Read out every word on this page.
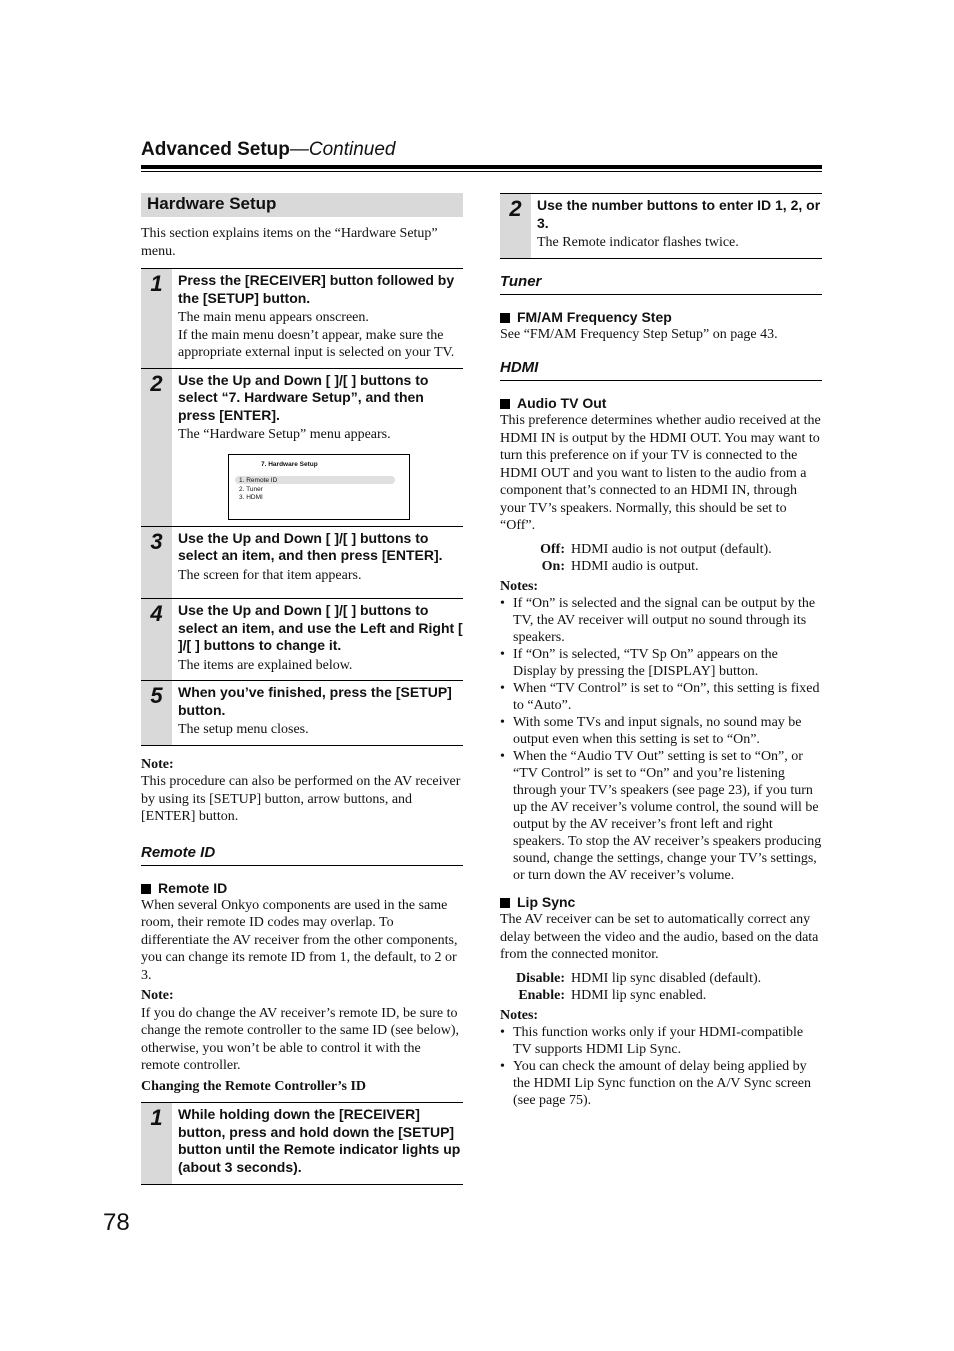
Advanced Setup—Continued
Hardware Setup

This section explains items on the “Hardware Setup” menu.

1	Press the [RECEIVER] button followed by the [SETUP] button.
The main menu appears onscreen.
If the main menu doesn’t appear, make sure the appropriate external input is selected on your TV.
2	Use the Up and Down [ ]/[ ] buttons to select “7. Hardware Setup”, and then press [ENTER].
The “Hardware Setup” menu appears.
7. Hardware Setup
1. Remote ID
2. Tuner
3. HDMI
3	Use the Up and Down [ ]/[ ] buttons to select an item, and then press [ENTER].
The screen for that item appears.
4	Use the Up and Down [ ]/[ ] buttons to select an item, and use the Left and Right [ ]/[ ] buttons to change it.
The items are explained below.
5	When you’ve finished, press the [SETUP] button.
The setup menu closes.

Note:

This procedure can also be performed on the AV receiver by using its [SETUP] button, arrow buttons, and [ENTER] button.

Remote ID
Remote ID

When several Onkyo components are used in the same room, their remote ID codes may overlap. To differentiate the AV receiver from the other components, you can change its remote ID from 1, the default, to 2 or 3.

Note:

If you do change the AV receiver’s remote ID, be sure to change the remote controller to the same ID (see below), otherwise, you won’t be able to control it with the remote controller.

Changing the Remote Controller’s ID

1	While holding down the [RECEIVER] button, press and hold down the [SETUP] button until the Remote indicator lights up (about 3 seconds).
2	Use the number buttons to enter ID 1, 2, or 3.
The Remote indicator flashes twice.
Tuner
FM/AM Frequency Step

See “FM/AM Frequency Step Setup” on page 43.

HDMI
Audio TV Out

This preference determines whether audio received at the HDMI IN is output by the HDMI OUT. You may want to turn this preference on if your TV is connected to the HDMI OUT and you want to listen to the audio from a component that’s connected to an HDMI IN, through your TV’s speakers. Normally, this should be set to “Off”.

Off: HDMI audio is not output (default).
On: HDMI audio is output.

Notes:

• If “On” is selected and the signal can be output by the TV, the AV receiver will output no sound through its speakers.
• If “On” is selected, “TV Sp On” appears on the Display by pressing the [DISPLAY] button.
• When “TV Control” is set to “On”, this setting is fixed to “Auto”.
• With some TVs and input signals, no sound may be output even when this setting is set to “On”.
• When the “Audio TV Out” setting is set to “On”, or “TV Control” is set to “On” and you’re listening through your TV’s speakers (see page 23), if you turn up the AV receiver’s volume control, the sound will be output by the AV receiver’s front left and right speakers. To stop the AV receiver’s speakers producing sound, change the settings, change your TV’s settings, or turn down the AV receiver’s volume.
Lip Sync

The AV receiver can be set to automatically correct any delay between the video and the audio, based on the data from the connected monitor.

Disable: HDMI lip sync disabled (default).
Enable: HDMI lip sync enabled.

Notes:

• This function works only if your HDMI-compatible TV supports HDMI Lip Sync.
• You can check the amount of delay being applied by the HDMI Lip Sync function on the A/V Sync screen (see page 75).
78
